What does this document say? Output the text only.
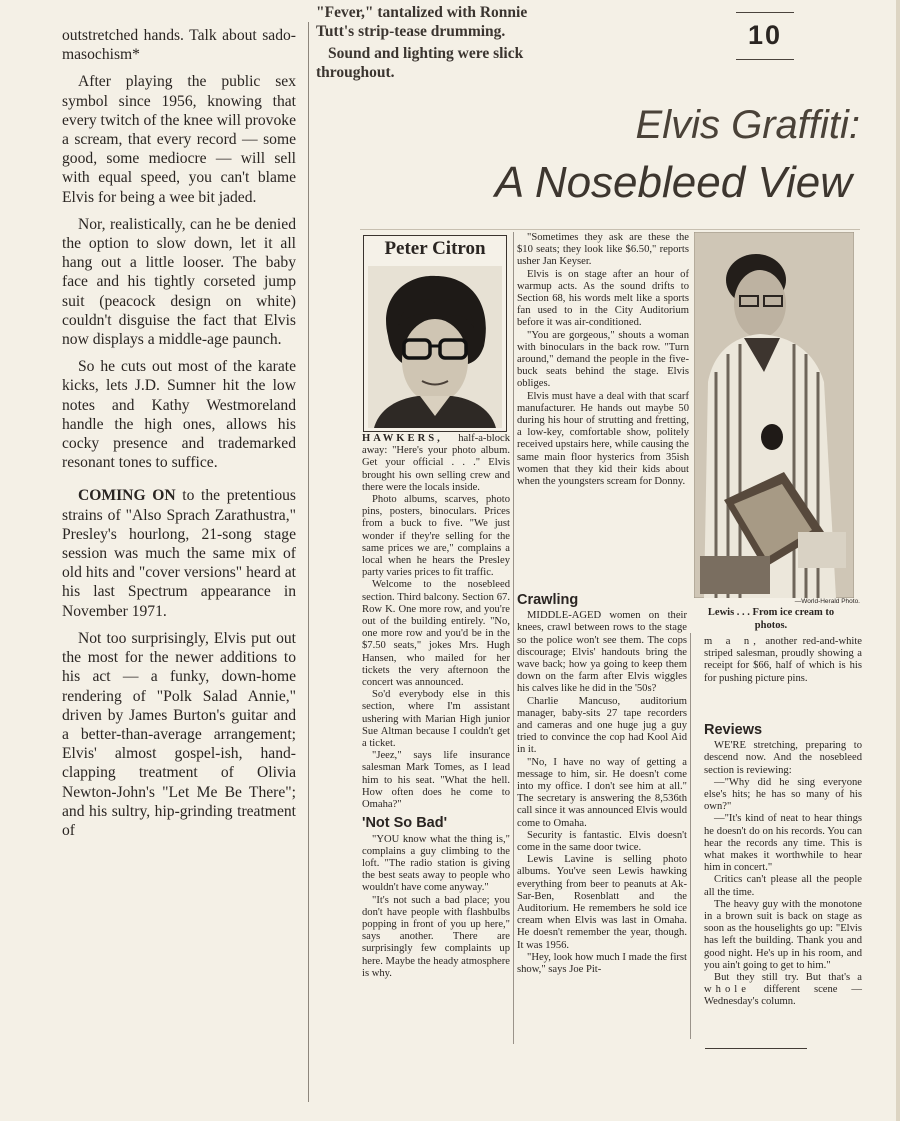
outstretched hands. Talk about sado-masochism*

After playing the public sex symbol since 1956, knowing that every twitch of the knee will provoke a scream, that every record — some good, some mediocre — will sell with equal speed, you can't blame Elvis for being a wee bit jaded.

Nor, realistically, can he be denied the option to slow down, let it all hang out a little looser. The baby face and his tightly corseted jump suit (peacock design on white) couldn't disguise the fact that Elvis now displays a middle-age paunch.

So he cuts out most of the karate kicks, lets J.D. Sumner hit the low notes and Kathy Westmoreland handle the high ones, allows his cocky presence and trademarked resonant tones to suffice.

COMING ON to the pretentious strains of "Also Sprach Zarathustra," Presley's hourlong, 21-song stage session was much the same mix of old hits and "cover versions" heard at his last Spectrum appearance in November 1971.

Not too surprisingly, Elvis put out the most for the newer additions to his act — a funky, down-home rendering of "Polk Salad Annie," driven by James Burton's guitar and a better-than-average arrangement; Elvis' almost gospel-ish, hand-clapping treatment of Olivia Newton-John's "Let Me Be There"; and his sultry, hip-grinding treatment of

"Fever," tantalized with Ronnie Tutt's strip-tease drumming.

Sound and lighting were slick throughout.

10
Elvis Graffiti:
A Nosebleed View
Peter Citron
—World-Herald Photo.
Lewis . . . From ice cream to photos.

HAWKERS, half-a-block away: "Here's your photo album. Get your official . . ." Elvis brought his own selling crew and there were the locals inside.

Photo albums, scarves, photo pins, posters, binoculars. Prices from a buck to five. "We just wonder if they're selling for the same prices we are," complains a local when he hears the Presley party varies prices to fit traffic.

Welcome to the nosebleed section. Third balcony. Section 67. Row K. One more row, and you're out of the building entirely. "No, one more row and you'd be in the $7.50 seats," jokes Mrs. Hugh Hansen, who mailed for her tickets the very afternoon the concert was announced.

So'd everybody else in this section, where I'm assistant ushering with Marian High junior Sue Altman because I couldn't get a ticket.

"Jeez," says life insurance salesman Mark Tomes, as I lead him to his seat. "What the hell. How often does he come to Omaha?"

'Not So Bad'

"YOU know what the thing is," complains a guy climbing to the loft. "The radio station is giving the best seats away to people who wouldn't have come anyway."

"It's not such a bad place; you don't have people with flashbulbs popping in front of you up here," says another. There are surprisingly few complaints up here. Maybe the heady atmosphere is why.

"Sometimes they ask are these the $10 seats; they look like $6.50," reports usher Jan Keyser.

Elvis is on stage after an hour of warmup acts. As the sound drifts to Section 68, his words melt like a sports fan used to in the City Auditorium before it was air-conditioned.

"You are gorgeous," shouts a woman with binoculars in the back row. "Turn around," demand the people in the five-buck seats behind the stage. Elvis obliges.

Elvis must have a deal with that scarf manufacturer. He hands out maybe 50 during his hour of strutting and fretting, a low-key, comfortable show, politely received upstairs here, while causing the same main floor hysterics from 35ish women that they kid their kids about when the youngsters scream for Donny.

Crawling

MIDDLE-AGED women on their knees, crawl between rows to the stage so the police won't see them. The cops discourage; Elvis' handouts bring the wave back; how ya going to keep them down on the farm after Elvis wiggles his calves like he did in the '50s?

Charlie Mancuso, auditorium manager, baby-sits 27 tape recorders and cameras and one huge jug a guy tried to convince the cop had Kool Aid in it.

"No, I have no way of getting a message to him, sir. He doesn't come into my office. I don't see him at all." The secretary is answering the 8,536th call since it was announced Elvis would come to Omaha.

Security is fantastic. Elvis doesn't come in the same door twice.

Lewis Lavine is selling photo albums. You've seen Lewis hawking everything from beer to peanuts at Ak-Sar-Ben, Rosenblatt and the Auditorium. He remembers he sold ice cream when Elvis was last in Omaha. He doesn't remember the year, though. It was 1956.

"Hey, look how much I made the first show," says Joe Pit-

m a n, another red-and-white striped salesman, proudly showing a receipt for $66, half of which is his for pushing picture pins.

Reviews

WE'RE stretching, preparing to descend now. And the nosebleed section is reviewing:

—"Why did he sing everyone else's hits; he has so many of his own?"

—"It's kind of neat to hear things he doesn't do on his records. You can hear the records any time. This is what makes it worthwhile to hear him in concert."

Critics can't please all the people all the time.

The heavy guy with the monotone in a brown suit is back on stage as soon as the houselights go up: "Elvis has left the building. Thank you and good night. He's up in his room, and you ain't going to get to him."

But they still try. But that's a whole different scene — Wednesday's column.
